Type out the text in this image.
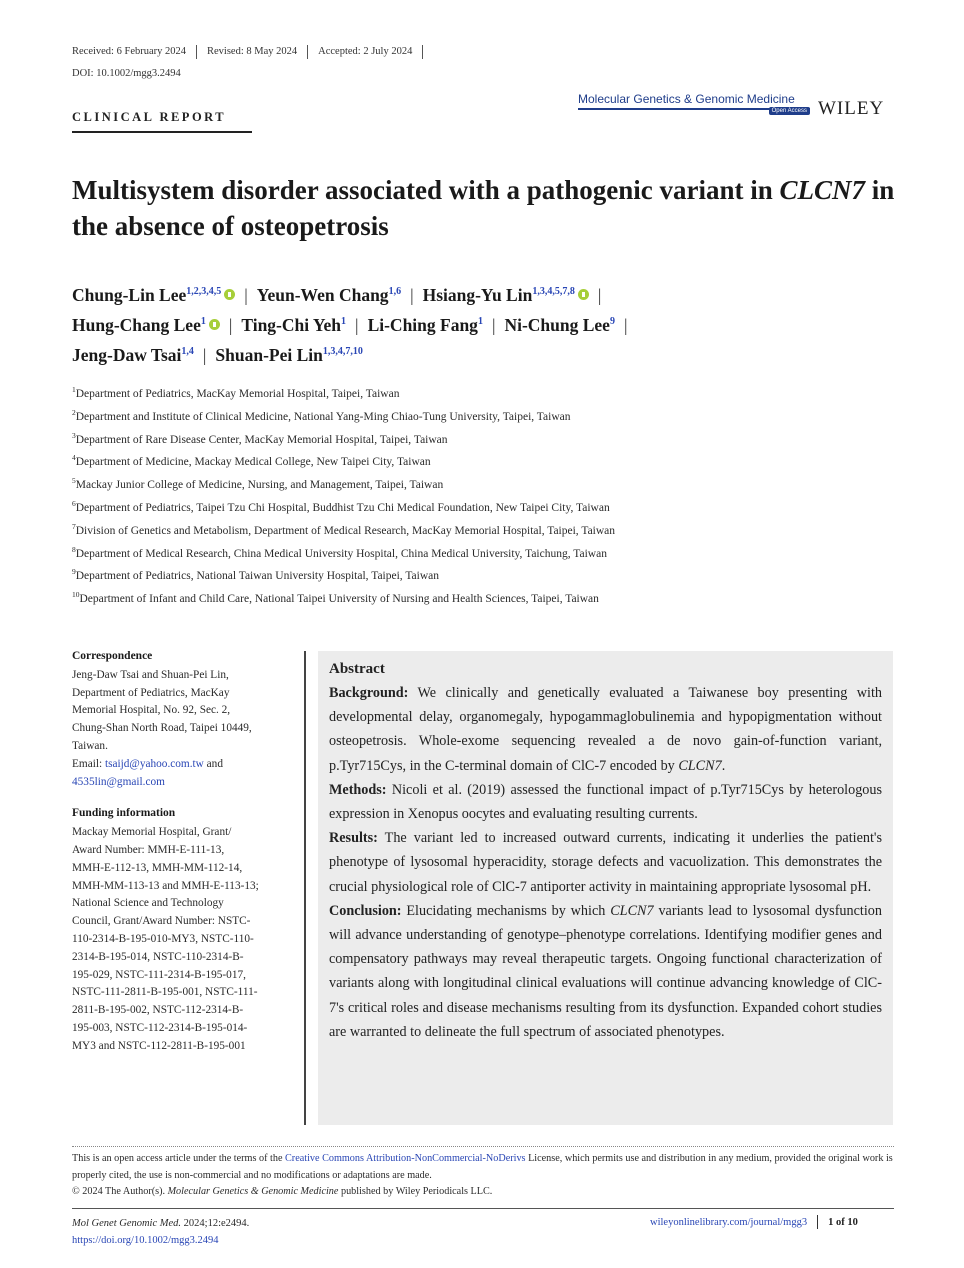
Received: 6 February 2024 Revised: 8 May 2024 Accepted: 2 July 2024
DOI: 10.1002/mgg3.2494
Molecular Genetics & Genomic Medicine
Open Access WILEY
CLINICAL REPORT
Multisystem disorder associated with a pathogenic variant in CLCN7 in the absence of osteopetrosis
Chung-Lin Lee$^{1,2,3,4,5}$ | Yeun-Wen Chang$^{1,6}$ | Hsiang-Yu Lin$^{1,3,4,5,7,8}$ |
Hung-Chang Lee$^1$ | Ting-Chi Yeh$^1$ | Li-Ching Fang$^1$ | Ni-Chung Lee$^9$ |
Jeng-Daw Tsai$^{1,4}$ | Shuan-Pei Lin$^{1,3,4,7,10}$
$^1$Department of Pediatrics, MacKay Memorial Hospital, Taipei, Taiwan
$^2$Department and Institute of Clinical Medicine, National Yang-Ming Chiao-Tung University, Taipei, Taiwan
$^3$Department of Rare Disease Center, MacKay Memorial Hospital, Taipei, Taiwan
$^4$Department of Medicine, Mackay Medical College, New Taipei City, Taiwan
$^5$Mackay Junior College of Medicine, Nursing, and Management, Taipei, Taiwan
$^6$Department of Pediatrics, Taipei Tzu Chi Hospital, Buddhist Tzu Chi Medical Foundation, New Taipei City, Taiwan
$^7$Division of Genetics and Metabolism, Department of Medical Research, MacKay Memorial Hospital, Taipei, Taiwan
$^8$Department of Medical Research, China Medical University Hospital, China Medical University, Taichung, Taiwan
$^9$Department of Pediatrics, National Taiwan University Hospital, Taipei, Taiwan
$^{10}$Department of Infant and Child Care, National Taipei University of Nursing and Health Sciences, Taipei, Taiwan
Correspondence
Jeng-Daw Tsai and Shuan-Pei Lin,
Department of Pediatrics, MacKay
Memorial Hospital, No. 92, Sec. 2,
Chung-Shan North Road, Taipei 10449,
Taiwan.
Email: tsaijd@yahoo.com.tw and
4535lin@gmail.com
Funding information
Mackay Memorial Hospital, Grant/
Award Number: MMH-E-111-13,
MMH-E-112-13, MMH-MM-112-14,
MMH-MM-113-13 and MMH-E-113-13;
National Science and Technology
Council, Grant/Award Number: NSTC-
110-2314-B-195-010-MY3, NSTC-110-
2314-B-195-014, NSTC-110-2314-B-
195-029, NSTC-111-2314-B-195-017,
NSTC-111-2811-B-195-001, NSTC-111-
2811-B-195-002, NSTC-112-2314-B-
195-003, NSTC-112-2314-B-195-014-
MY3 and NSTC-112-2811-B-195-001
Abstract

Background: We clinically and genetically evaluated a Taiwanese boy presenting with developmental delay, organomegaly, hypogammaglobulinemia and hypopigmentation without osteopetrosis. Whole-exome sequencing revealed a de novo gain-of-function variant, p.Tyr715Cys, in the C-terminal domain of ClC-7 encoded by CLCN7.

Methods: Nicoli et al. (2019) assessed the functional impact of p.Tyr715Cys by heterologous expression in Xenopus oocytes and evaluating resulting currents.

Results: The variant led to increased outward currents, indicating it underlies the patient's phenotype of lysosomal hyperacidity, storage defects and vacuolization. This demonstrates the crucial physiological role of ClC-7 antiporter activity in maintaining appropriate lysosomal pH.

Conclusion: Elucidating mechanisms by which CLCN7 variants lead to lysosomal dysfunction will advance understanding of genotype–phenotype correlations. Identifying modifier genes and compensatory pathways may reveal therapeutic targets. Ongoing functional characterization of variants along with longitudinal clinical evaluations will continue advancing knowledge of ClC-7's critical roles and disease mechanisms resulting from its dysfunction. Expanded cohort studies are warranted to delineate the full spectrum of associated phenotypes.

This is an open access article under the terms of the Creative Commons Attribution-NonCommercial-NoDerivs License, which permits use and distribution in any medium, provided the original work is properly cited, the use is non-commercial and no modifications or adaptations are made.
© 2024 The Author(s). Molecular Genetics & Genomic Medicine published by Wiley Periodicals LLC.
Mol Genet Genomic Med. 2024;12:e2494.
https://doi.org/10.1002/mgg3.2494
wileyonlinelibrary.com/journal/mgg3 1 of 10
